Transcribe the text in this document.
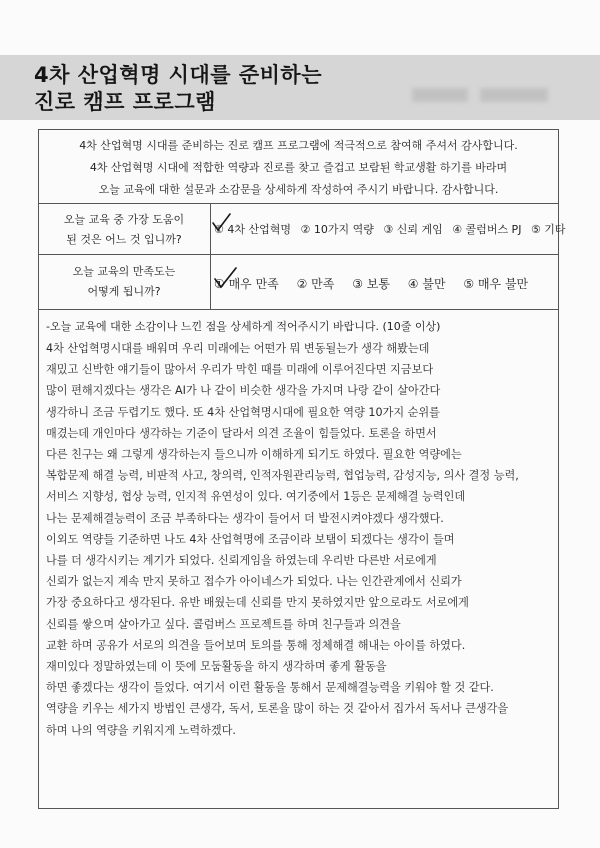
4차 산업혁명 시대를 준비하는
진로 캠프 프로그램
4차 산업혁명 시대를 준비하는 진로 캠프 프로그램에 적극적으로 참여해 주셔서 감사합니다.
4차 산업혁명 시대에 적합한 역량과 진로를 찾고 즐겁고 보람된 학교생활 하기를 바라며
오늘 교육에 대한 설문과 소감문을 상세하게 작성하여 주시기 바랍니다. 감사합니다.
오늘 교육 중 가장 도움이
된 것은 어느 것 입니까?
① 4차 산업혁명 ② 10가지 역량 ③ 신뢰 게임 ④ 콜럼버스 PJ ⑤ 기타
오늘 교육의 만족도는
어떻게 됩니까?
① 매우 만족 ② 만족 ③ 보통 ④ 불만 ⑤ 매우 불만
-오늘 교육에 대한 소감이나 느낀 점을 상세하게 적어주시기 바랍니다. (10줄 이상)
4차 산업혁명시대를 배워며 우리 미래에는 어떤가 뭐 변동될는가 생각 해봤는데
재밌고 신박한 얘기들이 많아서 우리가 막힌 때를 미래에 이루어진다면 지금보다
많이 편해지겠다는 생각은 AI가 나 같이 비슷한 생각을 가지며 나랑 같이 살아간다
생각하니 조금 두렵기도 했다. 또 4차 산업혁명시대에 필요한 역량 10가지 순위를
매겼는데 개인마다 생각하는 기준이 달라서 의견 조율이 힘들었다. 토론을 하면서
다른 친구는 왜 그렇게 생각하는지 들으니까 이해하게 되기도 하였다. 필요한 역량에는
복합문제 해결 능력, 비판적 사고, 창의력, 인적자원관리능력, 협업능력, 감성지능, 의사 결정 능력,
서비스 지향성, 협상 능력, 인지적 유연성이 있다. 여기중에서 1등은 문제해결 능력인데
나는 문제해결능력이 조금 부족하다는 생각이 들어서 더 발전시켜야겠다 생각했다.
이외도 역량들 기준하면 나도 4차 산업혁명에 조금이라 보탬이 되겠다는 생각이 들며
나를 더 생각시키는 계기가 되었다. 신뢰게임을 하였는데 우리반 다른반 서로에게
신뢰가 없는지 계속 만지 못하고 접수가 아이네스가 되었다. 나는 인간관계에서 신뢰가
가장 중요하다고 생각된다. 유반 배웠는데 신뢰를 만지 못하였지만 앞으로라도 서로에게
신뢰를 쌓으며 살아가고 싶다. 콜럼버스 프로젝트를 하며 친구들과 의견을
교환 하며 공유가 서로의 의견을 들어보며 토의를 통해 정체해결 해내는 아이를 하였다.
재미있다 정말하였는데 이 뜻에 모둠활동을 하지 생각하며 좋게 활동을
하면 좋겠다는 생각이 들었다. 여기서 이런 활동을 통해서 문제해결능력을 키워야 할 것 같다.
역량을 키우는 세가지 방법인 큰생각, 독서, 토론을 많이 하는 것 같아서 집가서 독서나 큰생각을
하며 나의 역량을 키워지게 노력하겠다.
